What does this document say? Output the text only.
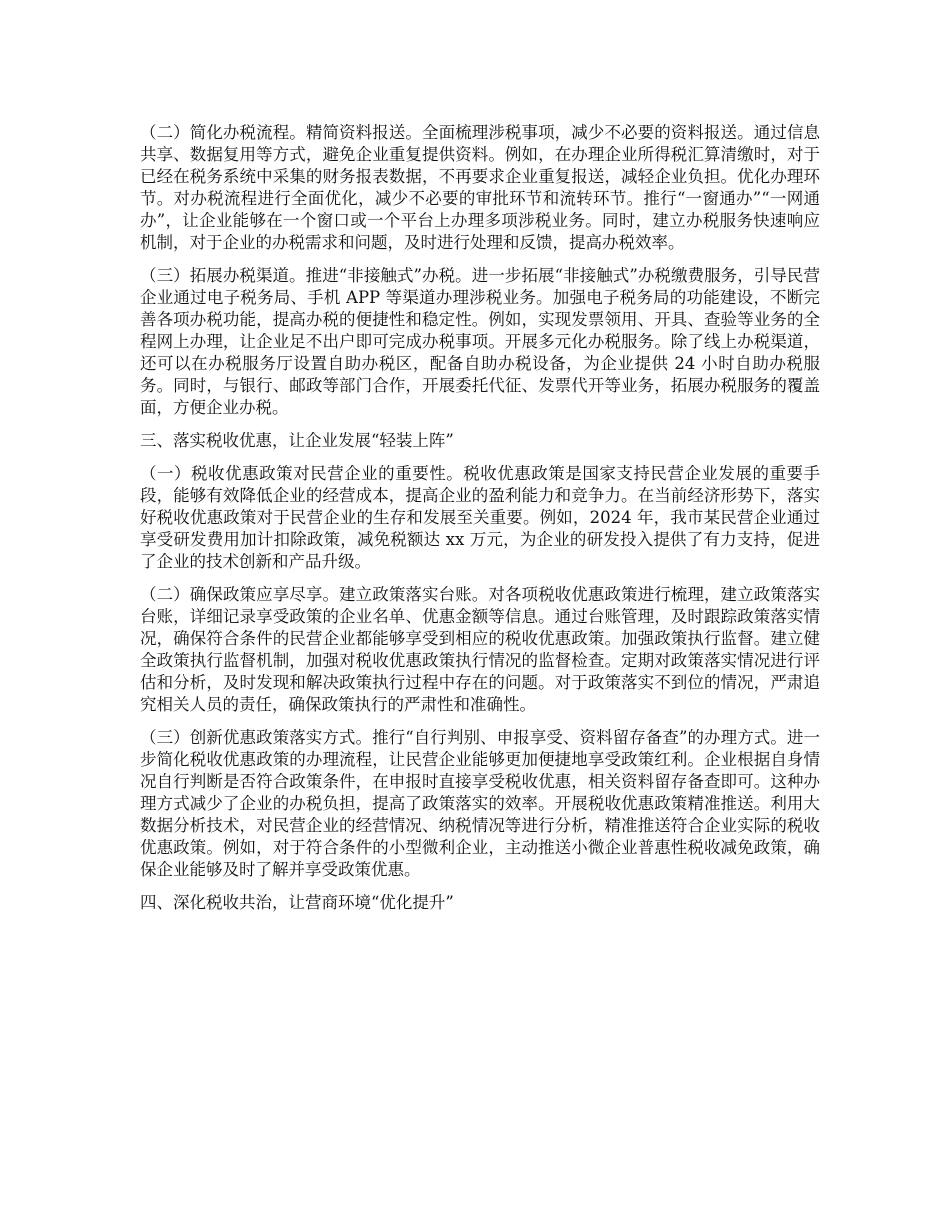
（二）简化办税流程。精简资料报送。全面梳理涉税事项，减少不必要的资料报送。通过信息共享、数据复用等方式，避免企业重复提供资料。例如，在办理企业所得税汇算清缴时，对于已经在税务系统中采集的财务报表数据，不再要求企业重复报送，减轻企业负担。优化办理环节。对办税流程进行全面优化，减少不必要的审批环节和流转环节。推行“一窗通办”“一网通办”，让企业能够在一个窗口或一个平台上办理多项涉税业务。同时，建立办税服务快速响应机制，对于企业的办税需求和问题，及时进行处理和反馈，提高办税效率。

（三）拓展办税渠道。推进“非接触式”办税。进一步拓展“非接触式”办税缴费服务，引导民营企业通过电子税务局、手机 APP 等渠道办理涉税业务。加强电子税务局的功能建设，不断完善各项办税功能，提高办税的便捷性和稳定性。例如，实现发票领用、开具、查验等业务的全程网上办理，让企业足不出户即可完成办税事项。开展多元化办税服务。除了线上办税渠道，还可以在办税服务厅设置自助办税区，配备自助办税设备，为企业提供 24 小时自助办税服务。同时，与银行、邮政等部门合作，开展委托代征、发票代开等业务，拓展办税服务的覆盖面，方便企业办税。

三、落实税收优惠，让企业发展“轻装上阵”

（一）税收优惠政策对民营企业的重要性。税收优惠政策是国家支持民营企业发展的重要手段，能够有效降低企业的经营成本，提高企业的盈利能力和竞争力。在当前经济形势下，落实好税收优惠政策对于民营企业的生存和发展至关重要。例如，2024 年，我市某民营企业通过享受研发费用加计扣除政策，减免税额达 xx 万元，为企业的研发投入提供了有力支持，促进了企业的技术创新和产品升级。

（二）确保政策应享尽享。建立政策落实台账。对各项税收优惠政策进行梳理，建立政策落实台账，详细记录享受政策的企业名单、优惠金额等信息。通过台账管理，及时跟踪政策落实情况，确保符合条件的民营企业都能够享受到相应的税收优惠政策。加强政策执行监督。建立健全政策执行监督机制，加强对税收优惠政策执行情况的监督检查。定期对政策落实情况进行评估和分析，及时发现和解决政策执行过程中存在的问题。对于政策落实不到位的情况，严肃追究相关人员的责任，确保政策执行的严肃性和准确性。

（三）创新优惠政策落实方式。推行“自行判别、申报享受、资料留存备查”的办理方式。进一步简化税收优惠政策的办理流程，让民营企业能够更加便捷地享受政策红利。企业根据自身情况自行判断是否符合政策条件，在申报时直接享受税收优惠，相关资料留存备查即可。这种办理方式减少了企业的办税负担，提高了政策落实的效率。开展税收优惠政策精准推送。利用大数据分析技术，对民营企业的经营情况、纳税情况等进行分析，精准推送符合企业实际的税收优惠政策。例如，对于符合条件的小型微利企业，主动推送小微企业普惠性税收减免政策，确保企业能够及时了解并享受政策优惠。

四、深化税收共治，让营商环境“优化提升”
